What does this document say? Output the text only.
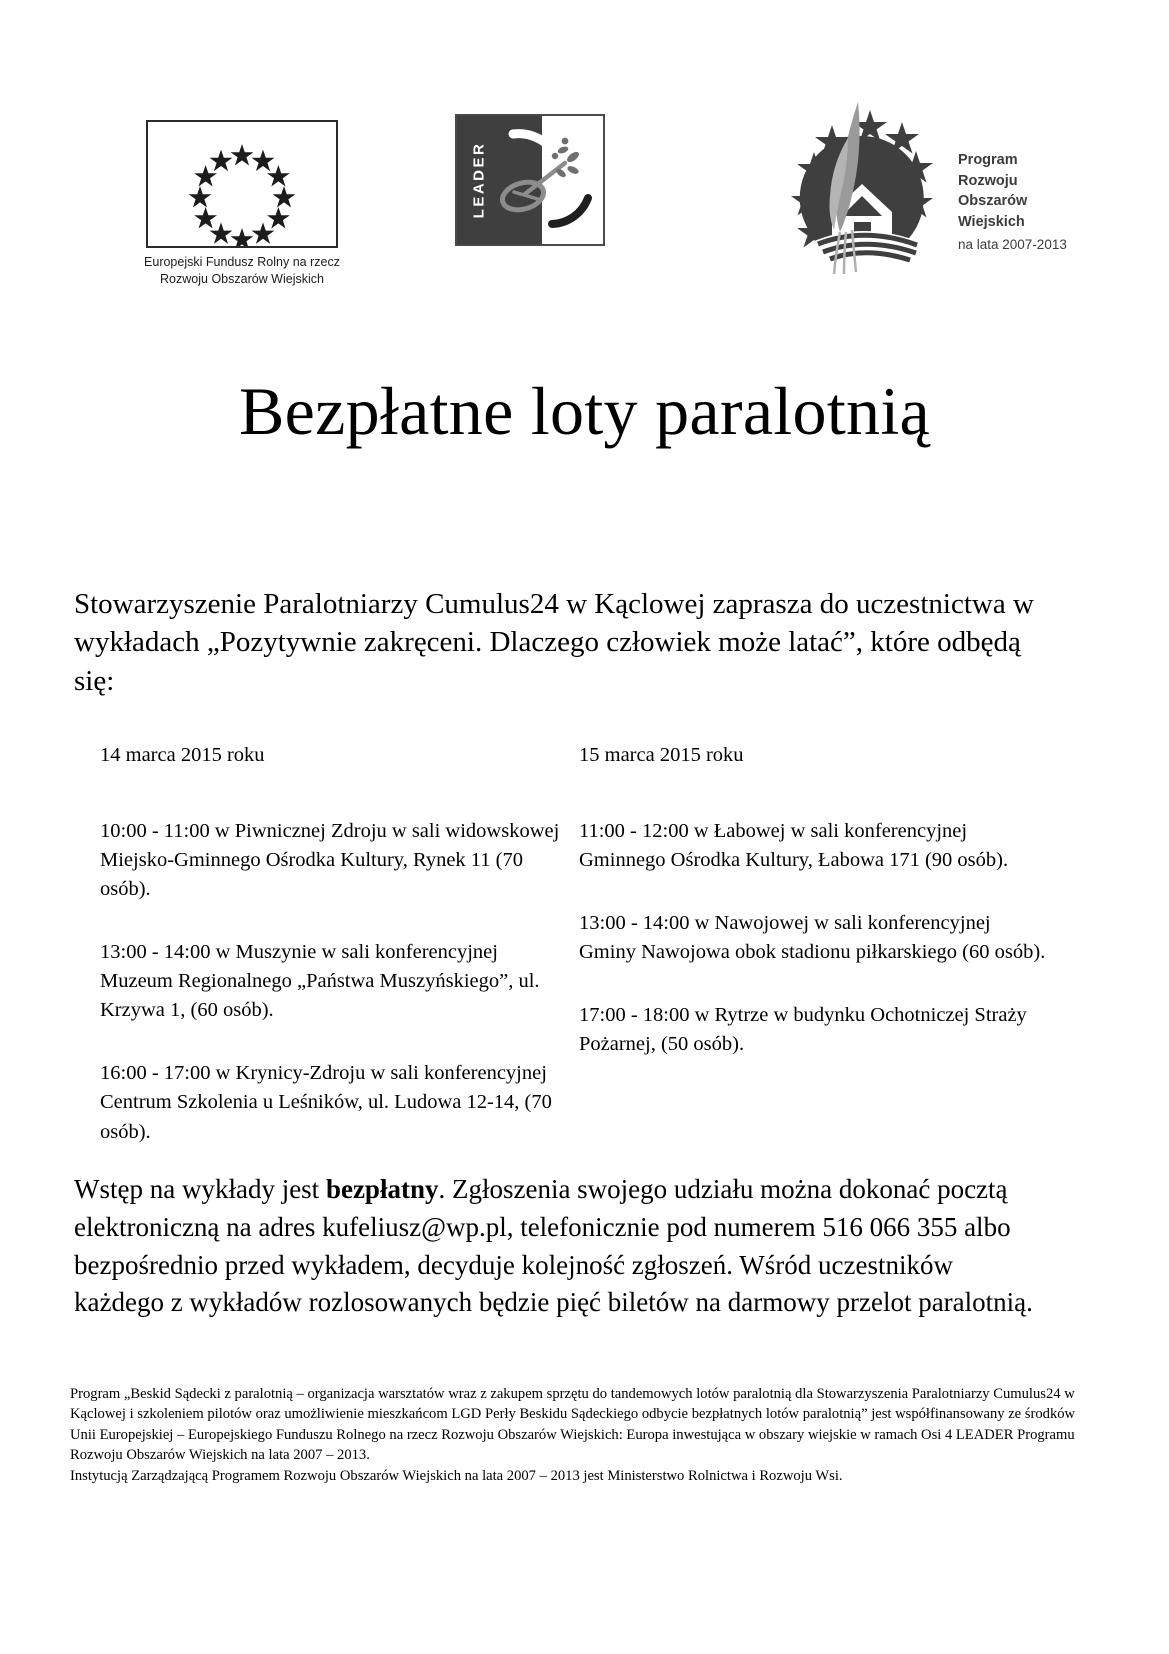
Europejski Fundusz Rolny na rzecz
Rozwoju Obszarów Wiejskich
LEADER	Program
Rozwoju
Obszarów
Wiejskich
na lata 2007-2013
Bezpłatne loty paralotnią

Stowarzyszenie Paralotniarzy Cumulus24 w Kąclowej zaprasza do uczestnictwa w wykładach „Pozytywnie zakręceni. Dlaczego człowiek może latać”, które odbędą się:

14 marca 2015 roku
10:00 - 11:00 w Piwnicznej Zdroju w sali widowskowej Miejsko-Gminnego Ośrodka Kultury, Rynek 11 (70 osób).
13:00 - 14:00 w Muszynie w sali konferencyjnej Muzeum Regionalnego „Państwa Muszyńskiego”, ul. Krzywa 1, (60 osób).
16:00 - 17:00 w Krynicy-Zdroju w sali konferencyjnej Centrum Szkolenia u Leśników, ul. Ludowa 12-14, (70 osób).
15 marca 2015 roku
11:00 - 12:00 w Łabowej w sali konferencyjnej Gminnego Ośrodka Kultury, Łabowa 171 (90 osób).
13:00 - 14:00 w Nawojowej w sali konferencyjnej Gminy Nawojowa obok stadionu piłkarskiego (60 osób).
17:00 - 18:00 w Rytrze w budynku Ochotniczej Straży Pożarnej, (50 osób).

Wstęp na wykłady jest bezpłatny. Zgłoszenia swojego udziału można dokonać pocztą elektroniczną na adres kufeliusz@wp.pl, telefonicznie pod numerem 516 066 355 albo bezpośrednio przed wykładem, decyduje kolejność zgłoszeń. Wśród uczestników każdego z wykładów rozlosowanych będzie pięć biletów na darmowy przelot paralotnią.

Program „Beskid Sądecki z paralotnią – organizacja warsztatów wraz z zakupem sprzętu do tandemowych lotów paralotnią dla Stowarzyszenia Paralotniarzy Cumulus24 w Kąclowej i szkoleniem pilotów oraz umożliwienie mieszkańcom LGD Perły Beskidu Sądeckiego odbycie bezpłatnych lotów paralotnią” jest współfinansowany ze środków Unii Europejskiej – Europejskiego Funduszu Rolnego na rzecz Rozwoju Obszarów Wiejskich: Europa inwestująca w obszary wiejskie w ramach Osi 4 LEADER Programu Rozwoju Obszarów Wiejskich na lata 2007 – 2013.

Instytucją Zarządzającą Programem Rozwoju Obszarów Wiejskich na lata 2007 – 2013 jest Ministerstwo Rolnictwa i Rozwoju Wsi.
